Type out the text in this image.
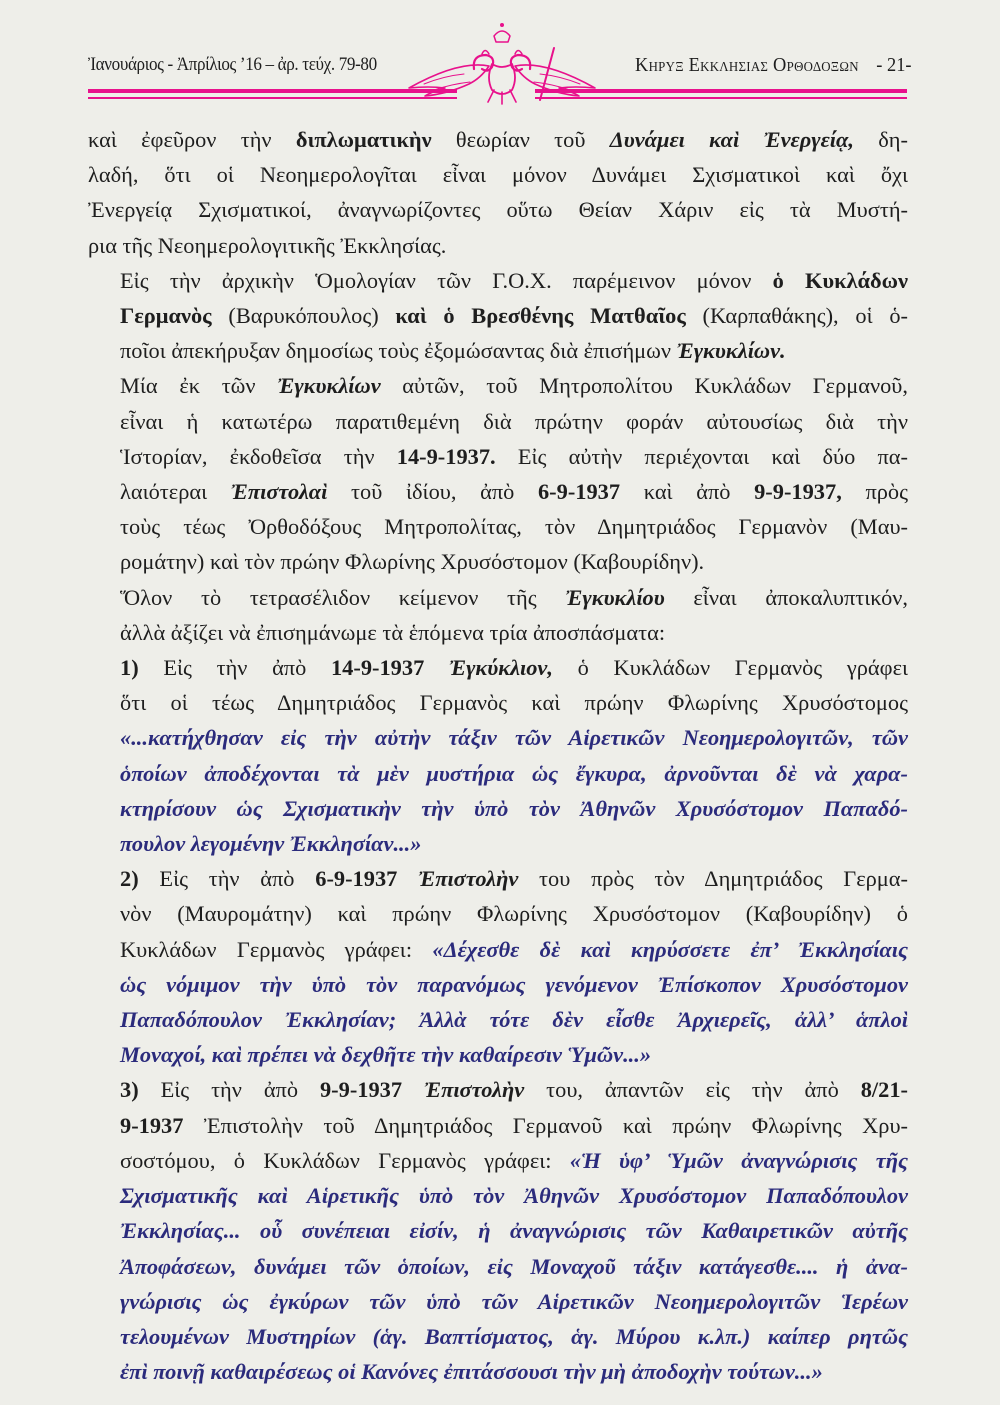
Ἰανουάριος - Ἀπρίλιος ’16 – ἀρ. τεύχ. 79-80	Κηρυξ Εκκλησιας Ορθοδοξων - 21-

καὶ ἐφεῦρον τὴν διπλωματικὴν θεωρίαν τοῦ Δυνάμει καὶ Ἐνεργείᾳ, δη-
λαδή, ὅτι οἱ Νεοημερολογῖται εἶναι μόνον Δυνάμει Σχισματικοὶ καὶ ὄχι
Ἐνεργείᾳ Σχισματικοί, ἀναγνωρίζοντες οὕτω Θείαν Χάριν εἰς τὰ Μυστή-
ρια τῆς Νεοημερολογιτικῆς Ἐκκλησίας.

Εἰς τὴν ἀρχικὴν Ὁμολογίαν τῶν Γ.Ο.Χ. παρέμεινον μόνον ὁ Κυκλάδων
Γερμανὸς (Βαρυκόπουλος) καὶ ὁ Βρεσθένης Ματθαῖος (Καρπαθάκης), οἱ ὁ-
ποῖοι ἀπεκήρυξαν δημοσίως τοὺς ἐξομώσαντας διὰ ἐπισήμων Ἐγκυκλίων.

Μία ἐκ τῶν Ἐγκυκλίων αὐτῶν, τοῦ Μητροπολίτου Κυκλάδων Γερμανοῦ,
εἶναι ἡ κατωτέρω παρατιθεμένη διὰ πρώτην φοράν αὐτουσίως διὰ τὴν
Ἱστορίαν, ἐκδοθεῖσα τὴν 14-9-1937. Εἰς αὐτὴν περιέχονται καὶ δύο πα-
λαιότεραι Ἐπιστολαὶ τοῦ ἰδίου, ἀπὸ 6-9-1937 καὶ ἀπὸ 9-9-1937, πρὸς
τοὺς τέως Ὀρθοδόξους Μητροπολίτας, τὸν Δημητριάδος Γερμανὸν (Μαυ-
ρομάτην) καὶ τὸν πρώην Φλωρίνης Χρυσόστομον (Καβουρίδην).

Ὅλον τὸ τετρασέλιδον κείμενον τῆς Ἐγκυκλίου εἶναι ἀποκαλυπτικόν,
ἀλλὰ ἀξίζει νὰ ἐπισημάνωμε τὰ ἑπόμενα τρία ἀποσπάσματα:

1) Εἰς τὴν ἀπὸ 14-9-1937 Ἐγκύκλιον, ὁ Κυκλάδων Γερμανὸς γράφει
ὅτι οἱ τέως Δημητριάδος Γερμανὸς καὶ πρώην Φλωρίνης Χρυσόστομος
«...κατήχθησαν εἰς τὴν αὐτὴν τάξιν τῶν Αἱρετικῶν Νεοημερολογιτῶν, τῶν
ὁποίων ἀποδέχονται τὰ μὲν μυστήρια ὡς ἔγκυρα, ἀρνοῦνται δὲ νὰ χαρα-
κτηρίσουν ὡς Σχισματικὴν τὴν ὑπὸ τὸν Ἀθηνῶν Χρυσόστομον Παπαδό-
πουλον λεγομένην Ἐκκλησίαν...»

2) Εἰς τὴν ἀπὸ 6-9-1937 Ἐπιστολὴν του πρὸς τὸν Δημητριάδος Γερμα-
νὸν (Μαυρομάτην) καὶ πρώην Φλωρίνης Χρυσόστομον (Καβουρίδην) ὁ
Κυκλάδων Γερμανὸς γράφει: «Δέχεσθε δὲ καὶ κηρύσσετε ἐπ’ Ἐκκλησίαις
ὡς νόμιμον τὴν ὑπὸ τὸν παρανόμως γενόμενον Ἐπίσκοπον Χρυσόστομον
Παπαδόπουλον Ἐκκλησίαν; Ἀλλὰ τότε δὲν εἶσθε Ἀρχιερεῖς, ἀλλ’ ἁπλοὶ
Μοναχοί, καὶ πρέπει νὰ δεχθῆτε τὴν καθαίρεσιν Ὑμῶν...»

3) Εἰς τὴν ἀπὸ 9-9-1937 Ἐπιστολὴν του, ἀπαντῶν εἰς τὴν ἀπὸ 8/21-
9-1937 Ἐπιστολὴν τοῦ Δημητριάδος Γερμανοῦ καὶ πρώην Φλωρίνης Χρυ-
σοστόμου, ὁ Κυκλάδων Γερμανὸς γράφει: «Ἡ ὑφ’ Ὑμῶν ἀναγνώρισις τῆς
Σχισματικῆς καὶ Αἱρετικῆς ὑπὸ τὸν Ἀθηνῶν Χρυσόστομον Παπαδόπουλον
Ἐκκλησίας... οὗ συνέπειαι εἰσίν, ἡ ἀναγνώρισις τῶν Καθαιρετικῶν αὐτῆς
Ἀποφάσεων, δυνάμει τῶν ὁποίων, εἰς Μοναχοῦ τάξιν κατάγεσθε.... ἡ ἀνα-
γνώρισις ὡς ἐγκύρων τῶν ὑπὸ τῶν Αἱρετικῶν Νεοημερολογιτῶν Ἱερέων
τελουμένων Μυστηρίων (ἁγ. Βαπτίσματος, ἁγ. Μύρου κ.λπ.) καίπερ ρητῶς
ἐπὶ ποινῇ καθαιρέσεως οἱ Κανόνες ἐπιτάσσουσι τὴν μὴ ἀποδοχὴν τούτων...»
